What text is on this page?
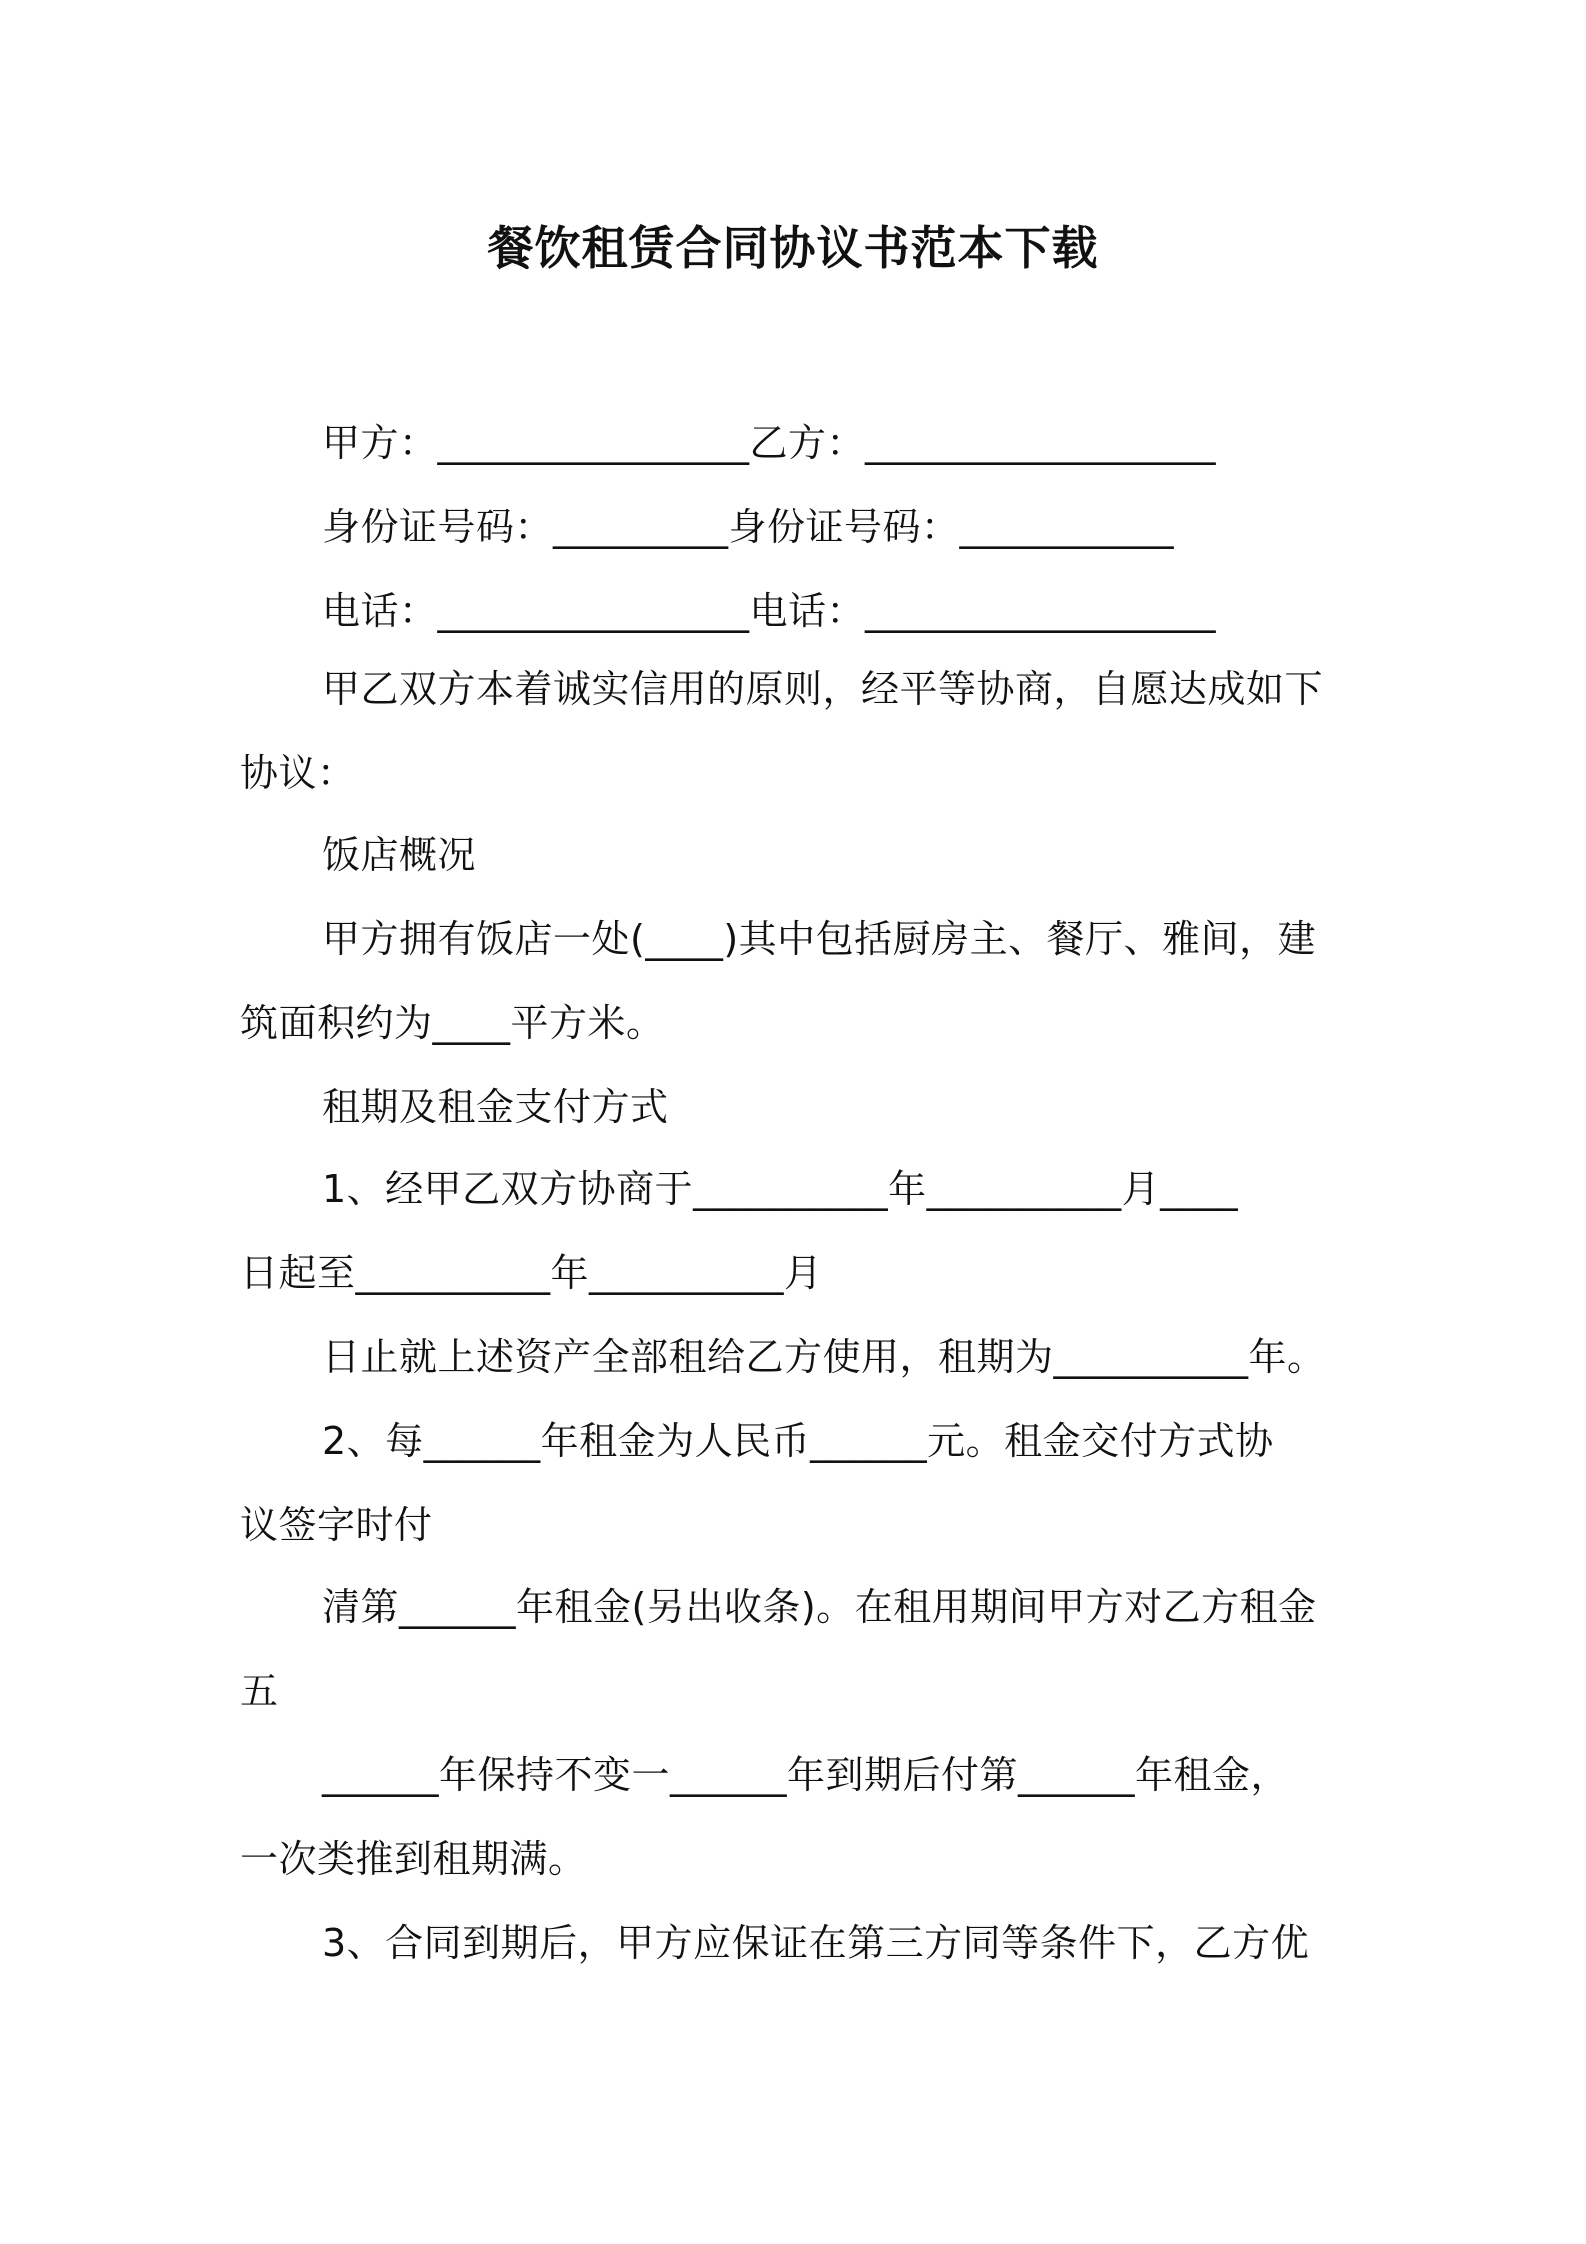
餐饮租赁合同协议书范本下载
甲方：________________乙方：__________________
身份证号码：_________身份证号码：___________
电话：________________电话：__________________
甲乙双方本着诚实信用的原则，经平等协商，自愿达成如下
协议：
饭店概况
甲方拥有饭店一处(____)其中包括厨房主、餐厅、雅间，建
筑面积约为____平方米。
租期及租金支付方式
1、经甲乙双方协商于__________年__________月____
日起至__________年__________月
日止就上述资产全部租给乙方使用，租期为__________年。
2、每______年租金为人民币______元。租金交付方式协
议签字时付
清第______年租金(另出收条)。在租用期间甲方对乙方租金
五
______年保持不变一______年到期后付第______年租金，
一次类推到租期满。
3、合同到期后，甲方应保证在第三方同等条件下，乙方优
